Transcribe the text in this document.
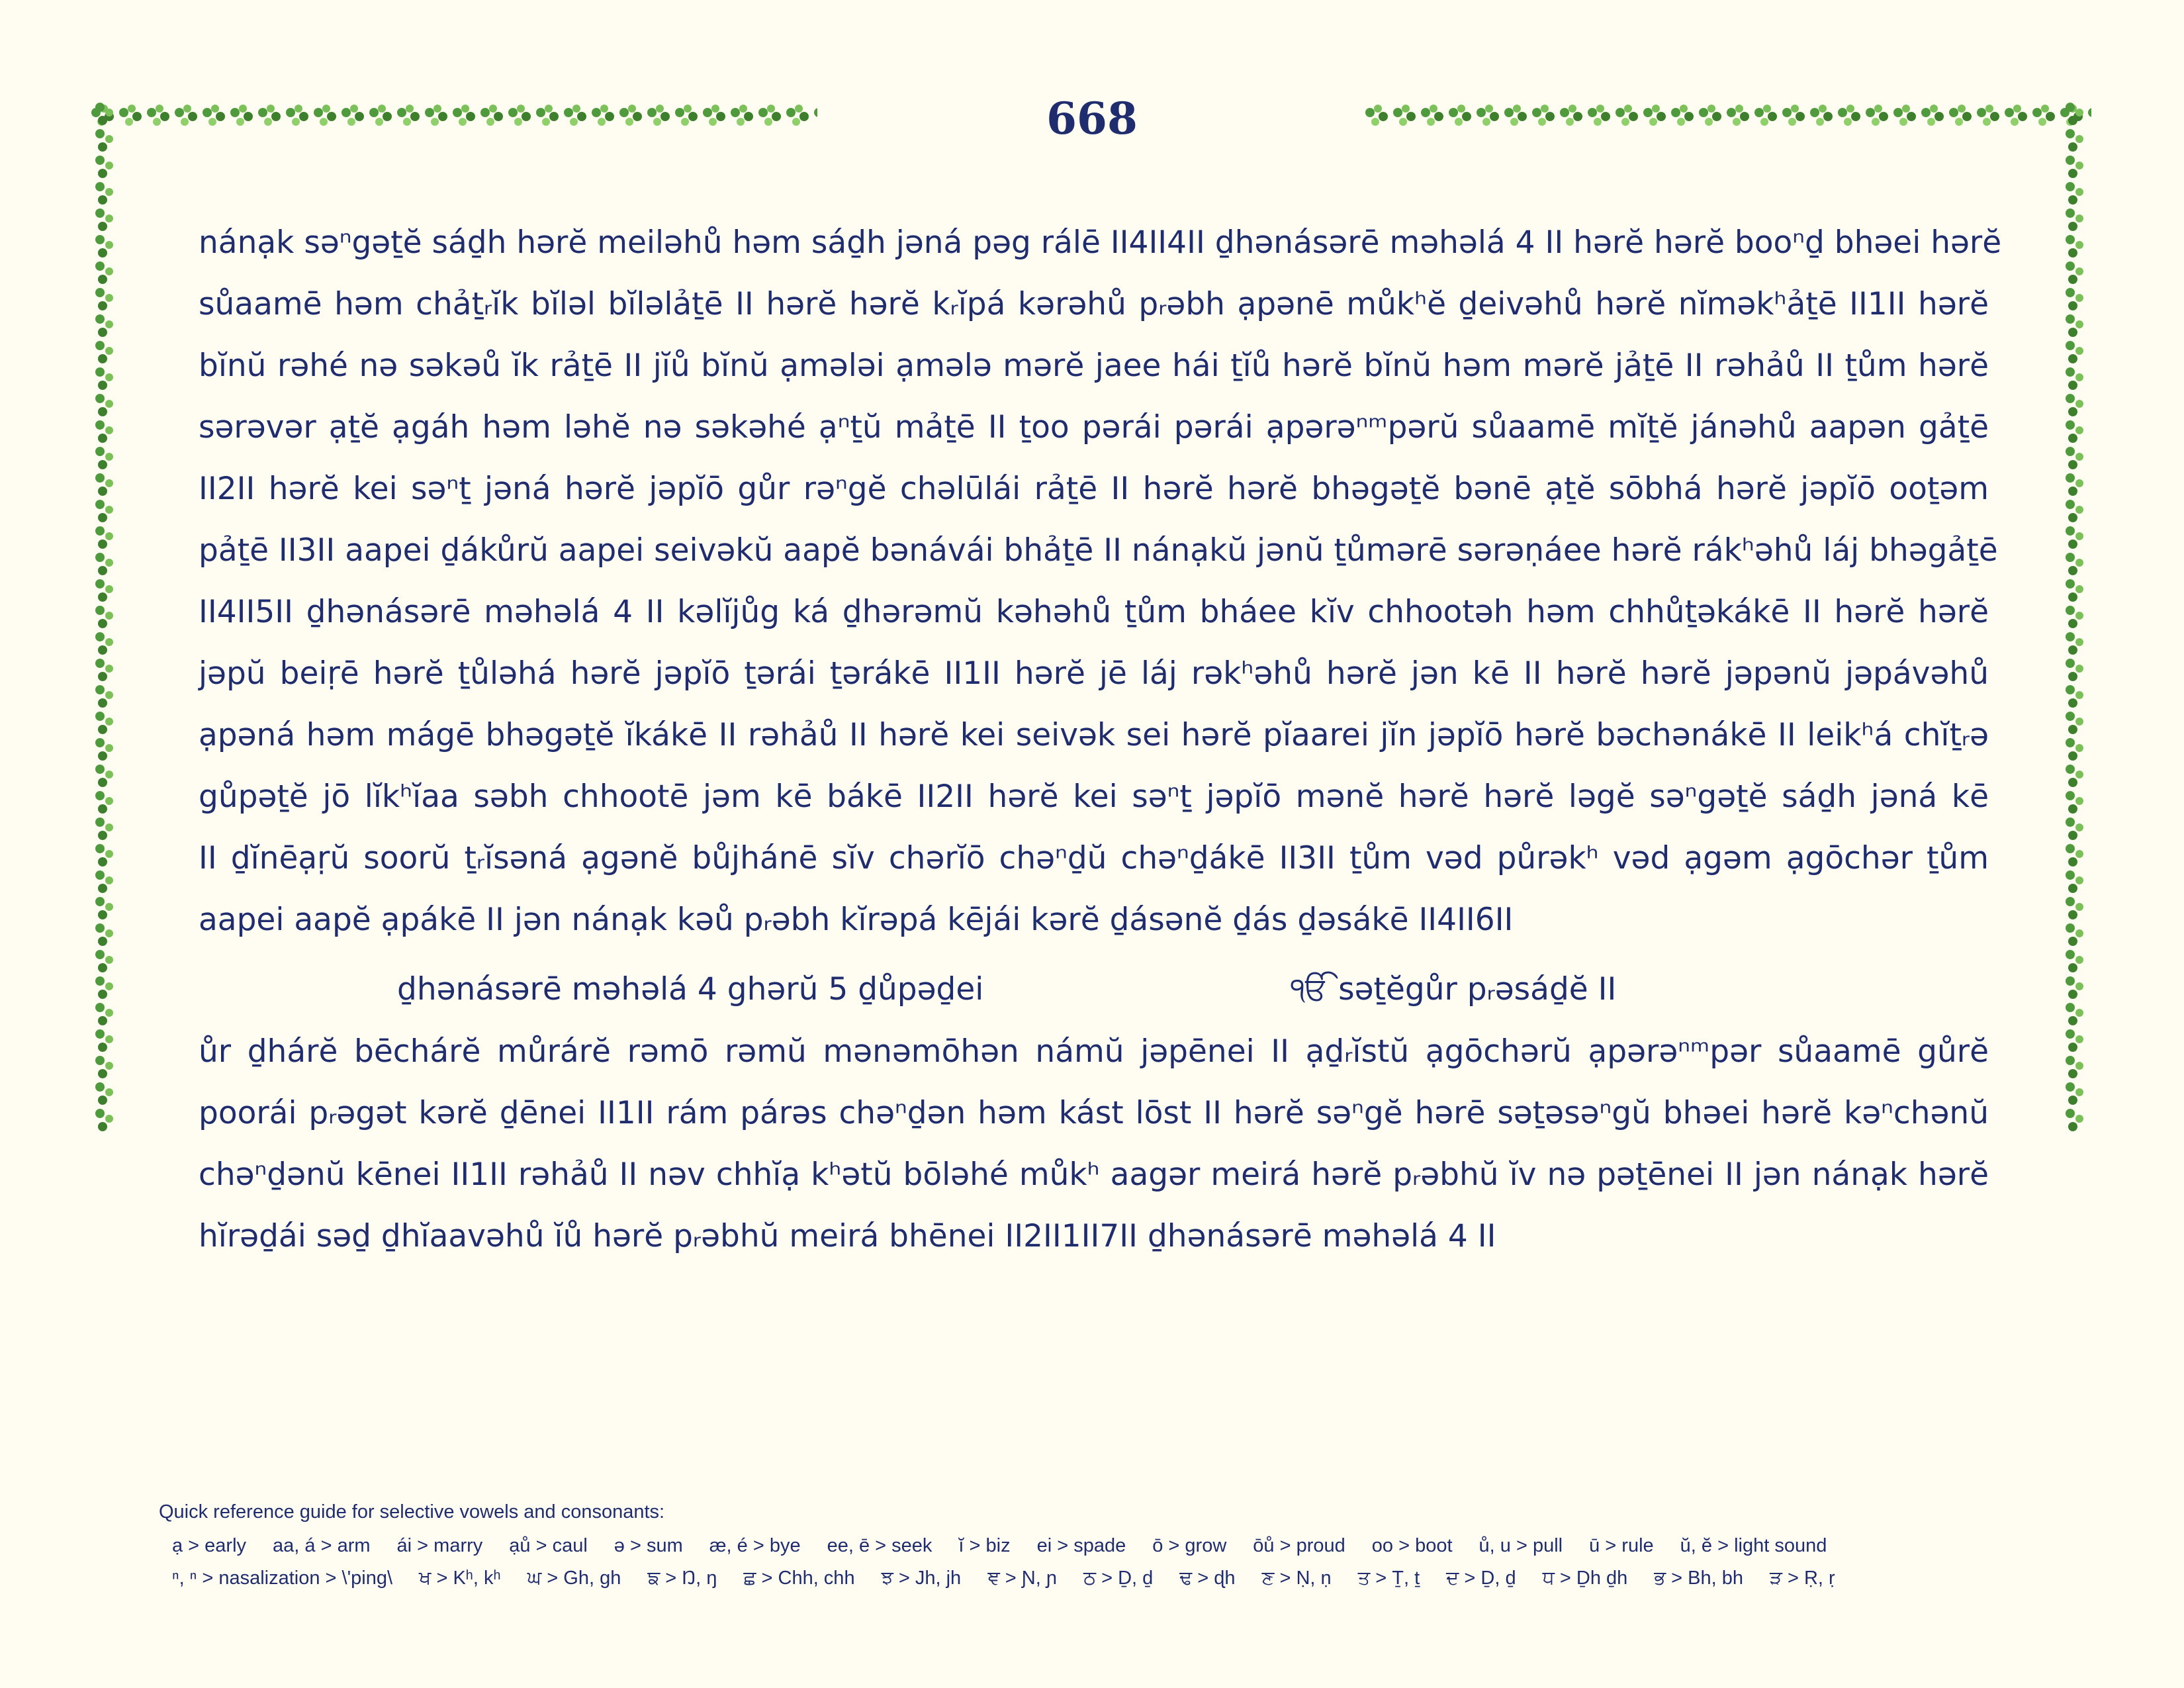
668
nánạk səⁿgəṯĕ sáḏh hərĕ meiləhů həm sáḏh jəná pəg rálē II4II4II ḏhənásərē məhəlá 4 II hərĕ hərĕ booⁿḏ bhəei hərĕ
sůaamē həm chảṯᵣĭk bĭləl bĭləlảṯē II hərĕ hərĕ kᵣĭpá kərəhů pᵣəbh ạpənē můkʰĕ ḏeivəhů hərĕ nĭməkʰảṯē II1II hərĕ
bĭnŭ rəhé nə səkəů ĭk rảṯē II jĭů bĭnŭ ạmələi ạmələ mərĕ jaee hái ṯĭů hərĕ bĭnŭ həm mərĕ jảṯē II rəhảů II ṯům hərĕ
sərəvər ạṯĕ ạgáh həm ləhĕ nə səkəhé ạⁿṯŭ mảṯē II ṯoo pərái pərái ạpərəⁿᵐpərŭ sůaamē mĭṯĕ jánəhů aapən gảṯē
II2II hərĕ kei səⁿṯ jəná hərĕ jəpĭō gůr rəⁿgĕ chəlūlái rảṯē II hərĕ hərĕ bhəgəṯĕ bənē ạṯĕ sōbhá hərĕ jəpĭō ooṯəm
pảṯē II3II aapei ḏákůrŭ aapei seivəkŭ aapĕ bənávái bhảṯē II nánạkŭ jənŭ ṯůmərē sərəṇáee hərĕ rákʰəhů láj bhəgảṯē
II4II5II ḏhənásərē məhəlá 4 II kəlĭjůg ká ḏhərəmŭ kəhəhů ṯům bháee kĭv chhootəh həm chhůṯəkákē II hərĕ hərĕ
jəpŭ beiṛē hərĕ ṯůləhá hərĕ jəpĭō ṯərái ṯərákē II1II hərĕ jē láj rəkʰəhů hərĕ jən kē II hərĕ hərĕ jəpənŭ jəpávəhů
ạpəná həm mágē bhəgəṯĕ ĭkákē II rəhảů II hərĕ kei seivək sei hərĕ pĭaarei jĭn jəpĭō hərĕ bəchənákē II leikʰá chĭṯᵣə
gůpəṯĕ jō lĭkʰĭaa səbh chhootē jəm kē bákē II2II hərĕ kei səⁿṯ jəpĭō mənĕ hərĕ hərĕ ləgĕ səⁿgəṯĕ sáḏh jəná kē
II ḏĭnēạṛŭ soorŭ ṯᵣĭsəná ạgənĕ bůjhánē sĭv chərĭō chəⁿḏŭ chəⁿḏákē II3II ṯům vəd půrəkʰ vəd ạgəm ạgōchər ṯům
aapei aapĕ ạpákē II jən nánạk kəů pᵣəbh kĭrəpá kējái kərĕ ḏásənĕ ḏás ḏəsákē II4II6II
ḏhənásərē məhəlá 4 ghərŭ 5 ḏůpəḏei	ੴ səṯĕgůr pᵣəsáḏĕ II
ůr ḏhárĕ bēchárĕ můrárĕ rəmō rəmŭ mənəmōhən námŭ jəpēnei II ạḏᵣĭstŭ ạgōchərŭ ạpərəⁿᵐpər sůaamē gůrĕ
poorái pᵣəgət kərĕ ḏēnei II1II rám párəs chəⁿḏən həm kást lōst II hərĕ səⁿgĕ hərē səṯəsəⁿgŭ bhəei hərĕ kəⁿchənŭ
chəⁿḏənŭ kēnei II1II rəhảů II nəv chhĭạ kʰətŭ bōləhé můkʰ aagər meirá hərĕ pᵣəbhŭ ĭv nə pəṯēnei II jən nánạk hərĕ
hĭrəḏái səḏ ḏhĭaavəhů ĭů hərĕ pᵣəbhŭ meirá bhēnei II2II1II7II ḏhənásərē məhəlá 4 II
Quick reference guide for selective vowels and consonants:
ạ > early aa, á > arm ái > marry ạů > caul ə > sum æ, é > bye ee, ē > seek ĭ > biz ei > spade ō > grow ōů > proud oo > boot ů, u > pull ū > rule ŭ, ĕ > light sound
ⁿ, ⁿ > nasalization > \'ping\ ਖ > Kʰ, kʰ ਘ > Gh, gh ਙ > Ŋ, ŋ ਛ > Chh, chh ਝ > Jh, jh ਞ > Ɲ, ɲ ਠ > Ḏ, ḏ ਢ > ɖh ਣ > Ṇ, ṇ ਤ > Ṯ, ṯ ਦ > Ḏ, ḏ ਧ > Ḏh ḏh ਭ > Bh, bh ੜ > Ṛ, ṛ
